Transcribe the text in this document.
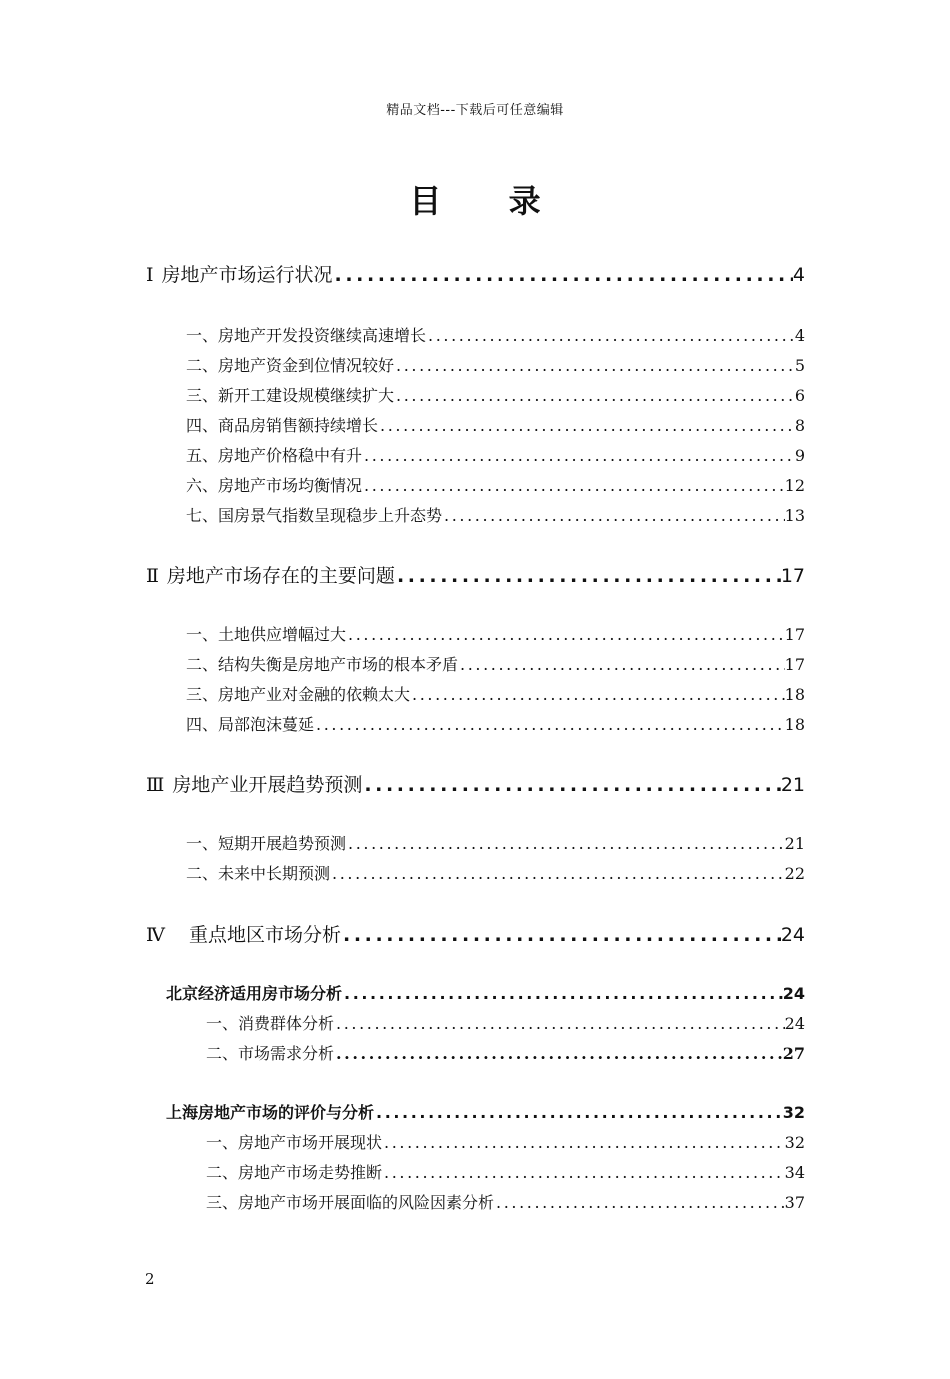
精品文档---下载后可任意编辑
目 录
Ⅰ 房地产市场运行状况 .....	4
一、房地产开发投资继续高速增长 .....	4
二、房地产资金到位情况较好 .....	5
三、新开工建设规模继续扩大 .....	6
四、商品房销售额持续增长 .....	8
五、房地产价格稳中有升 .....	9
六、房地产市场均衡情况 .....	12
七、国房景气指数呈现稳步上升态势 .....	13
Ⅱ 房地产市场存在的主要问题 .....	17
一、土地供应增幅过大 .....	17
二、结构失衡是房地产市场的根本矛盾 .....	17
三、房地产业对金融的依赖太大 .....	18
四、局部泡沫蔓延 .....	18
Ⅲ 房地产业开展趋势预测 .....	21
一、短期开展趋势预测 .....	21
二、未来中长期预测 .....	22
Ⅳ 重点地区市场分析 .....	24
北京经济适用房市场分析 .....	24
一、消费群体分析 .....	24
二、市场需求分析 .....	27
上海房地产市场的评价与分析 .....	32
一、房地产市场开展现状 .....	32
二、房地产市场走势推断 .....	34
三、房地产市场开展面临的风险因素分析 .....	37
2
